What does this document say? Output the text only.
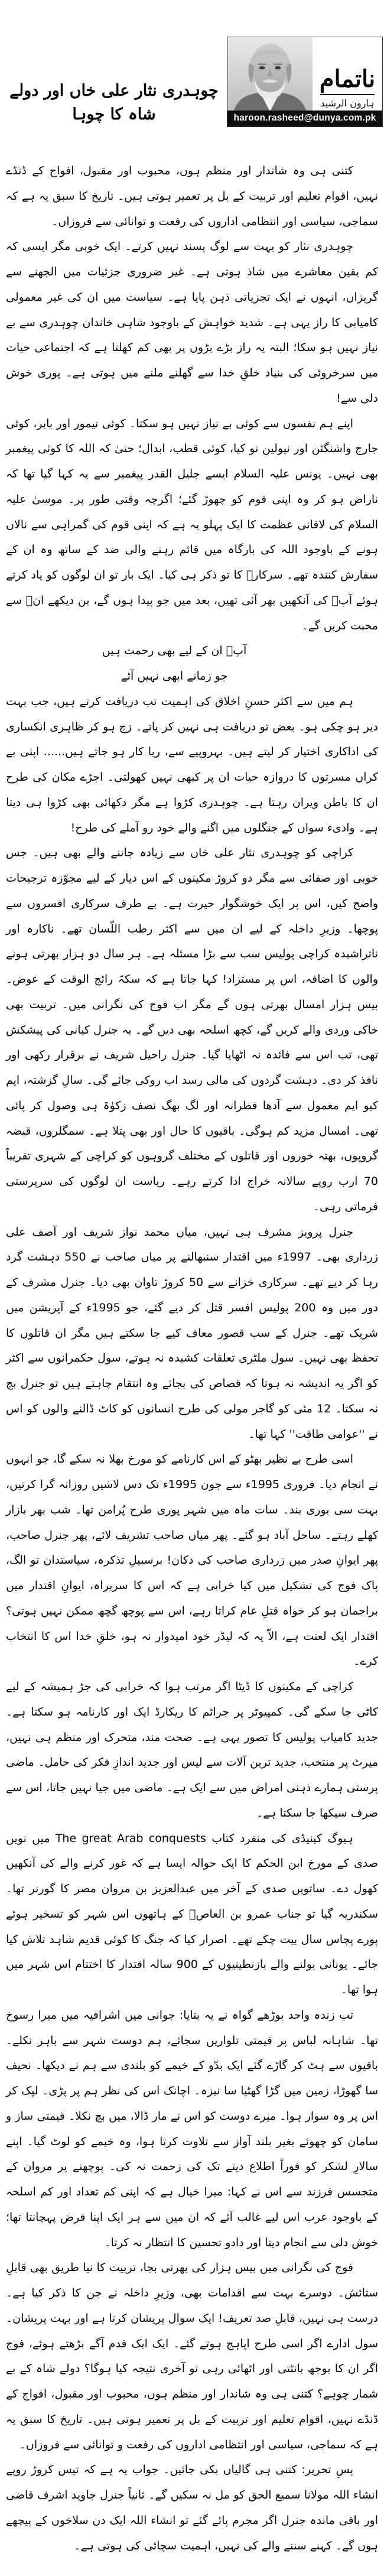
ناتمام
ہارون الرشید
haroon.rasheed@dunya.com.pk
چوہدری نثار علی خاں اور دولے شاہ کا چوہا

کتنی ہی وہ شاندار اور منظم ہوں، محبوب اور مقبول، افواج کے ڈنڈے نہیں، اقوام تعلیم اور تربیت کے بل پر تعمیر ہوتی ہیں۔ تاریخ کا سبق یہ ہے کہ سماجی، سیاسی اور انتظامی اداروں کی رفعت و توانائی سے فروزاں۔

چوہدری نثار کو بہت سے لوگ پسند نہیں کرتے۔ ایک خوبی مگر ایسی کہ کم یقین معاشرے میں شاذ ہوتی ہے۔ غیر ضروری جزئیات میں الجھنے سے گریزاں، انہوں نے ایک تجزیاتی ذہن پایا ہے۔ سیاست میں ان کی غیر معمولی کامیابی کا راز یہی ہے۔ شدید خواہش کے باوجود شاہی خاندان چوہدری سے بے نیاز نہیں ہو سکا؛ البتہ یہ راز بڑے بڑوں پر بھی کم کھلتا ہے کہ اجتماعی حیات میں سرخروئی کی بنیاد خلقِ خدا سے گھلنے ملنے میں ہوتی ہے۔ پوری خوش دلی سے!

اپنے ہم نفسوں سے کوئی بے نیاز نہیں ہو سکتا۔ کوئی تیمور اور بابر، کوئی جارج واشنگٹن اور نپولین تو کیا، کوئی قطب، ابدال؛ حتیٰ کہ اللہ کا کوئی پیغمبر بھی نہیں۔ یونس علیہ السلام ایسے جلیل القدر پیغمبر سے یہ کہا گیا تھا کہ ناراض ہو کر وہ اپنی قوم کو چھوڑ گئے؛ اگرچہ وقتی طور پر۔ موسیٰ علیہ السلام کی لافانی عظمت کا ایک پہلو یہ ہے کہ اپنی قوم کی گمراہی سے نالاں ہونے کے باوجود اللہ کی بارگاہ میں قائم رہنے والی ضد کے ساتھ وہ ان کے سفارش کنندہ تھے۔ سرکارؐ کا تو ذکر ہی کیا۔ ایک بار تو ان لوگوں کو یاد کرتے ہوئے آپؐ کی آنکھیں بھر آئی تھیں، بعد میں جو پیدا ہوں گے، بن دیکھے انؐ سے محبت کریں گے۔

آپؐ ان کے لیے بھی رحمت ہیں
جو زمانے ابھی نہیں آئے

ہم میں سے اکثر حسنِ اخلاق کی اہمیت تب دریافت کرتے ہیں، جب بہت دیر ہو چکی ہو۔ بعض تو دریافت ہی نہیں کر پاتے۔ زچ ہو کر ظاہری انکساری کی اداکاری اختیار کر لیتے ہیں۔ بہروپیے سے، ریا کار ہو جاتے ہیں...... اپنی بے کراں مسرتوں کا دروازہ حیات ان پر کبھی نہیں کھولتی۔ اجڑے مکان کی طرح ان کا باطن ویران رہتا ہے۔ چوہدری کڑوا ہے مگر دکھائی بھی کڑوا ہی دیتا ہے۔ وادیء سواں کے جنگلوں میں اگنے والے خود رو آملے کی طرح!

کراچی کو چوہدری نثار علی خاں سے زیادہ جاننے والے بھی ہیں۔ جس خوبی اور صفائی سے مگر دو کروڑ مکینوں کے اس دیار کے لیے مجوّزہ ترجیحات واضح کیں، اس پر ایک خوشگوار حیرت ہے۔ بے طرف سرکاری افسروں سے پوچھا۔ وزیرِ داخلہ کے لیے ان میں سے اکثر رطب اللّسان تھے۔ ناکارہ اور ناتراشیدہ کراچی پولیس سب سے بڑا مسئلہ ہے۔ ہر سال دو ہزار بھرتی ہونے والوں کا اضافہ، اس پر مستزاد! کہا جاتا ہے کہ سکہّ رائج الوقت کے عوض۔ بیس ہزار امسال بھرتی ہوں گے مگر اب فوج کی نگرانی میں۔ تربیت بھی خاکی وردی والے کریں گے، کچھ اسلحہ بھی دیں گے۔ یہ جنرل کیانی کی پیشکش تھی، تب اس سے فائدہ نہ اٹھایا گیا۔ جنرل راحیل شریف نے برقرار رکھی اور نافذ کر دی۔ دہشت گردوں کی مالی رسد اب روکی جائے گی۔ سالِ گزشتہ، ایم کیو ایم معمول سے آدھا فطرانہ اور لگ بھگ نصف زکوٰۃ ہی وصول کر پائی تھی۔ امسال مزید کم ہوگی۔ باقیوں کا حال اور بھی پتلا ہے۔ سمگلروں، قبضہ گروپوں، بھتہ خوروں اور قاتلوں کے مختلف گروہوں کو کراچی کے شہری تقریباً 70 ارب روپے سالانہ خراج ادا کرتے رہے۔ ریاست ان لوگوں کی سرپرستی فرماتی رہی۔

جنرل پرویز مشرف ہی نہیں، میاں محمد نواز شریف اور آصف علی زرداری بھی۔ 1997ء میں اقتدار سنبھالنے پر میاں صاحب نے 550 دہشت گرد رہا کر دیے تھے۔ سرکاری خزانے سے 50 کروڑ تاوان بھی دیا۔ جنرل مشرف کے دور میں وہ 200 پولیس افسر قتل کر دیے گئے، جو 1995ء کے آپریشن میں شریک تھے۔ جنرل کے سب قصور معاف کیے جا سکتے ہیں مگر ان قاتلوں کا تحفظ بھی نہیں۔ سول ملٹری تعلقات کشیدہ نہ ہوتے، سول حکمرانوں سے اکثر کو اگر یہ اندیشہ نہ ہوتا کہ قصاص کی بجائے وہ انتقام چاہتے ہیں تو جنرل بچ نہ سکتا۔ 12 مئی کو گاجر مولی کی طرح انسانوں کو کاٹ ڈالنے والوں کو اس نے ''عوامی طاقت'' کہا تھا۔

اسی طرح بے نظیر بھٹو کے اس کارنامے کو مورخ بھلا نہ سکے گا، جو انہوں نے انجام دیا۔ فروری 1995ء سے جون 1995ء تک دس لاشیں روزانہ گرا کرتیں، بہت سی بوری بند۔ سات ماہ میں شہر پوری طرح پُرامن تھا۔ شب بھر بازار کھلے رہتے۔ ساحل آباد ہو گئے۔ پھر میاں صاحب تشریف لائے، پھر جنرل صاحب، پھر ایوانِ صدر میں زرداری صاحب کی دکان! برسبیلِ تذکرہ، سیاستدان تو الگ، پاک فوج کی تشکیل میں کیا خرابی ہے کہ اس کا سربراہ، ایوانِ اقتدار میں براجمان ہو کر خواہ قتلِ عام کراتا رہے، اس سے پوچھ گچھ ممکن نہیں ہوتی؟ اقتدار ایک لعنت ہے، الاّ یہ کہ لیڈر خود امیدوار نہ ہو، خلقِ خدا اس کا انتخاب کرے۔

کراچی کے مکینوں کا ڈیٹا اگر مرتب ہوا کہ خرابی کی جڑ ہمیشہ کے لیے کاٹی جا سکے گی۔ کمپیوٹر پر جرائم کا ریکارڈ ایک اور کارنامہ ہو سکتا ہے۔ جدید کامیاب پولیس کا تصور یہی ہے۔ صحت مند، متحرک اور منظم ہی نہیں، میرٹ پر منتخب، جدید ترین آلات سے لیس اور جدید اندازِ فکر کی حامل۔ ماضی پرستی ہمارے ذہنی امراض میں سے ایک ہے۔ ماضی میں جیا نہیں جاتا، اس سے صرف سیکھا جا سکتا ہے۔

ہیوگ کینیڈی کی منفرد کتاب The great Arab conquests میں نویں صدی کے مورخ ابن الحکم کا ایک حوالہ ایسا ہے کہ غور کرنے والے کی آنکھیں کھول دے۔ ساتویں صدی کے آخر میں عبدالعزیز بن مروان مصر کا گورنر تھا۔ سکندریہ گیا تو جناب عمرو بن العاصؓ کے ہاتھوں اس شہر کو تسخیر ہوئے پورے پچاس سال بیت چکے تھے۔ اصرار کیا کہ جنگ کا کوئی قدیم شاہد تلاش کیا جائے۔ یونانی بولنے والے بازنطینیوں کے 900 سالہ اقتدار کا اختتام اس شہر میں ہوا تھا۔

تب زندہ واحد بوڑھے گواہ نے یہ بتایا: جوانی میں اشرافیہ میں میرا رسوخ تھا۔ شاہانہ لباس پر قیمتی تلواریں سجائے، ہم دوست شہر سے باہر نکلے۔ باقیوں سے ہٹ کر گاڑے گئے ایک بدّو کے خیمے کو بلندی سے ہم نے دیکھا۔ نحیف سا گھوڑا، زمین میں گڑا گھٹیا سا نیزہ۔ اچانک اس کی نظر ہم پر پڑی۔ لپک کر اس پر وہ سوار ہوا۔ میرے دوست کو اس نے مار ڈالا، میں بچ نکلا۔ قیمتی ساز و سامان کو چھوئے بغیر بلند آواز سے تلاوت کرتا ہوا، وہ خیمے کو لوٹ گیا۔ اپنے سالارِ لشکر کو فوراً اطلاع دینے تک کی زحمت نہ کی۔ پوچھنے پر مروان کے متجسس فرزند سے اس نے کہا: میرا خیال ہے کہ اپنی کم تعداد اور کم اسلحہ کے باوجود عرب اس لیے غالب آئے کہ ان میں سے ہر ایک اپنا فرض پہچانتا تھا؛ خوش دلی سے انجام دیتا اور دادو تحسین کا انتظار نہ کرتا۔

فوج کی نگرانی میں بیس ہزار کی بھرتی بجا، تربیت کا نیا طریق بھی قابلِ ستائش۔ دوسرے بہت سے اقدامات بھی، وزیرِ داخلہ نے جن کا ذکر کیا ہے۔ درست ہی نہیں، قابلِ صد تعریف! ایک سوال پریشان کرتا ہے اور بہت پریشان۔ سول ادارے اگر اسی طرح اپاہج ہوتے گئے۔ ایک ایک قدم آگے بڑھتے ہوئے، فوج اگر ان کا بوجھ بانٹتی اور اٹھائی رہی تو آخری نتیجہ کیا ہوگا؟ دولے شاہ کے بے شمار چوہے؟ کتنی ہی وہ شاندار اور منظم ہوں، محبوب اور مقبول، افواج کے ڈنڈے نہیں، اقوام تعلیم اور تربیت کے بل پر تعمیر ہوتی ہیں۔ تاریخ کا سبق یہ ہے کہ سماجی، سیاسی اور انتظامی اداروں کی رفعت و توانائی سے فروزاں۔

پسِ تحریر: کتنی ہی گالیاں بکی جائیں۔ جواب یہ ہے کہ تیس کروڑ روپے انشاء اللہ مولانا سمیع الحق کو مل نہ سکیں گے۔ ثانیاً جنرل جاوید اشرف قاضی اور باقی ماندہ جنرل اگر مجرم پائے گئے تو انشاء اللہ ایک دن سلاخوں کے پیچھے ہوں گے۔ کہنے سننے والے کی نہیں، اہمیت سچائی کی ہوتی ہے۔
